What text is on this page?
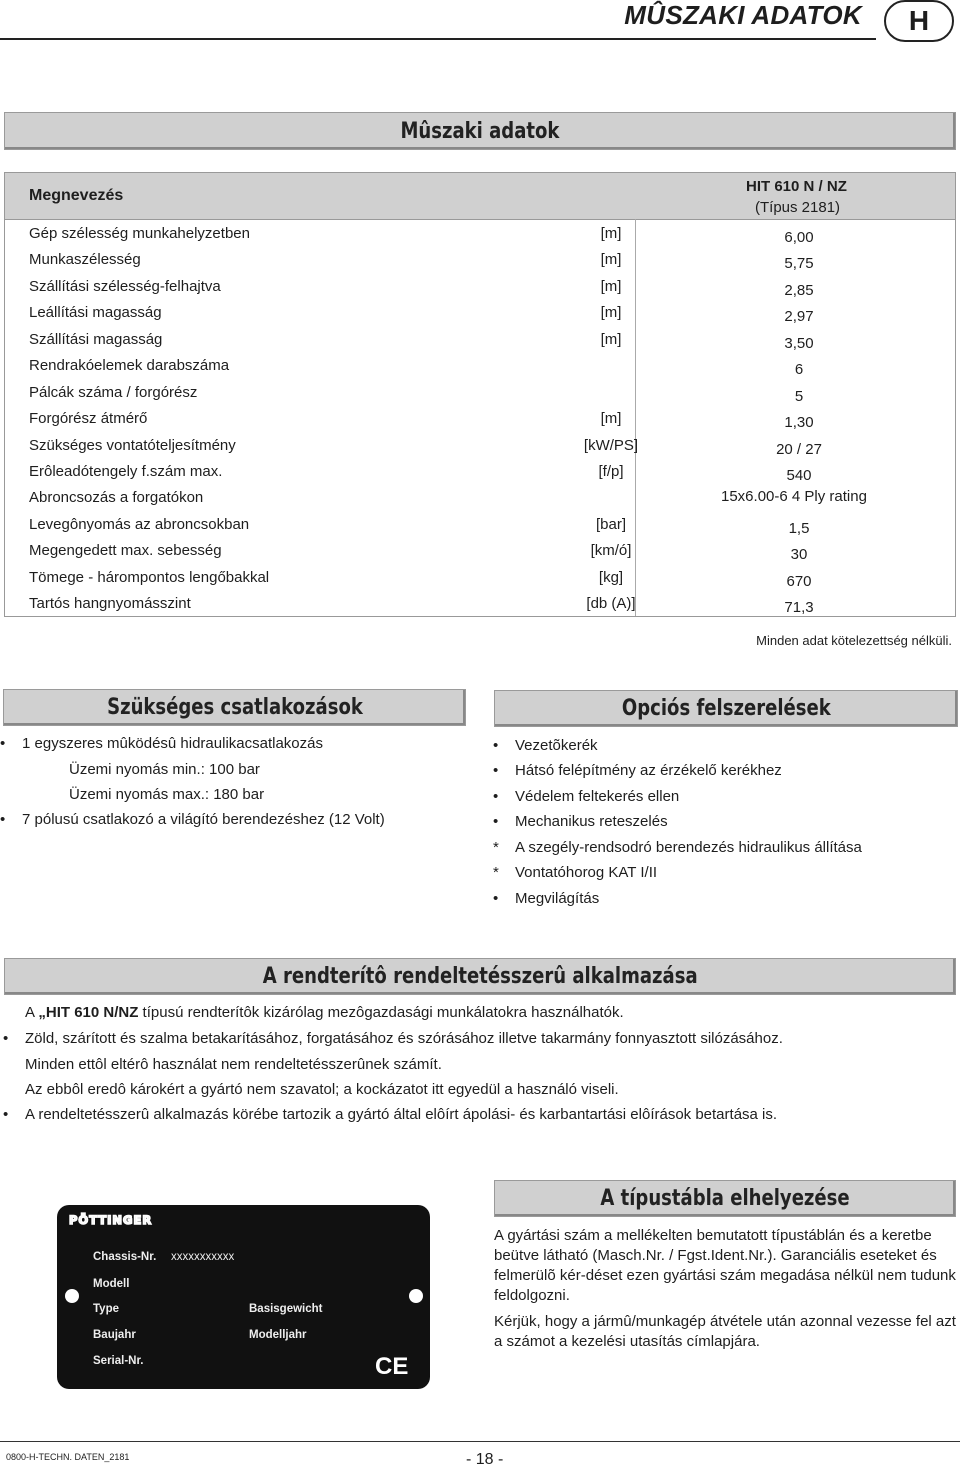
MÛSZAKI ADATOK	H
Mûszaki adatok
Megnevezés
HIT 610 N / NZ
(Típus 2181)
Gép szélesség munkahelyzetben	[m]	6,00
Munkaszélesség	[m]	5,75
Szállítási szélesség-felhajtva	[m]	2,85
Leállítási magasság	[m]	2,97
Szállítási magasság	[m]	3,50
Rendrakóelemek darabszáma	6
Pálcák száma / forgórész	5
Forgórész átmérő	[m]	1,30
Szükséges vontatóteljesítmény	[kW/PS]	20 / 27
Erôleadótengely f.szám max.	[f/p]	540
Abroncsozás a forgatókon	15x6.00-6 4 Ply rating
Levegônyomás az abroncsokban	[bar]	1,5
Megengedett max. sebesség	[km/ó]	30
Tömege - hárompontos lengőbakkal	[kg]	670
Tartós hangnyomásszint	[db (A)]	71,3
Minden adat kötelezettség nélküli.
Szükséges csatlakozások
•	1 egyszeres mûködésû hidraulikacsatlakozás
Üzemi nyomás min.: 100 bar
Üzemi nyomás max.: 180 bar
•	7 pólusú csatlakozó a világító berendezéshez (12 Volt)
Opciós felszerelések
•	Vezetõkerék
•	Hátsó felépítmény az érzékelő kerékhez
•	Védelem feltekerés ellen
•	Mechanikus reteszelés
* A szegély-rendsodró berendezés hidraulikus állítása
* Vontatóhorog KAT I/II
•	Megvilágítás
A rendterítô rendeltetésszerû alkalmazása
A „HIT 610 N/NZ típusú rendterítôk kizárólag mezôgazdasági munkálatokra használhatók.
•	Zöld, szárított és szalma betakarításához, forgatásához és szórásához illetve takarmány fonnyasztott silózásához.
Minden ettôl eltérô használat nem rendeltetésszerûnek számít.
Az ebbôl eredô károkért a gyártó nem szavatol; a kockázatot itt egyedül a használó viseli.
•	A rendeltetésszerû alkalmazás körébe tartozik a gyártó által elôírt ápolási- és karbantartási elôírások betartása is.
PÖTTINGER
Chassis-Nr. xxxxxxxxxxx
Modell
Type	Basisgewicht
Baujahr	Modelljahr
Serial-Nr.	CE
A típustábla elhelyezése
A gyártási szám a mellékelten bemutatott típustáblán és a keretbe
beütve látható (Masch.Nr. / Fgst.Ident.Nr.). Garanciális eseteket és
felmerülõ kér-déset ezen gyártási szám megadása nélkül nem tudunk
feldolgozni.
Kérjük, hogy a jármû/munkagép átvétele után azonnal vezesse fel azt
a számot a kezelési utasítás címlapjára.
0800-H-TECHN. DATEN_2181	- 18 -
